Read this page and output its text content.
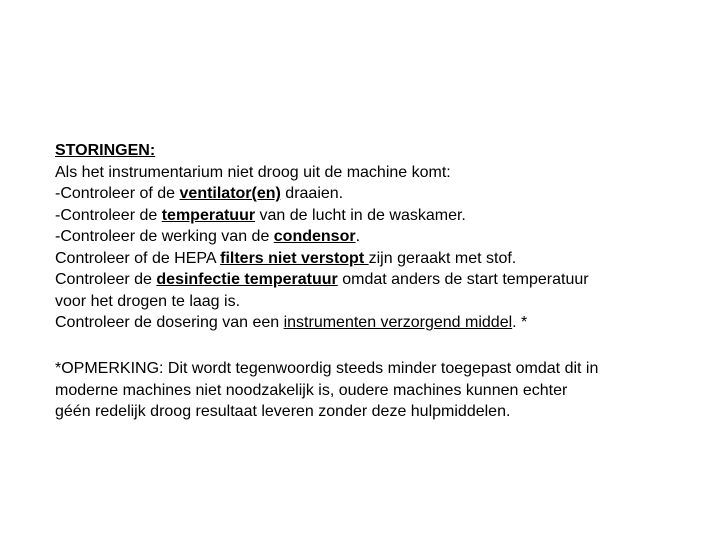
STORINGEN:
Als het instrumentarium niet droog uit de machine komt:
-Controleer of de ventilator(en) draaien.
-Controleer de temperatuur van de lucht in de waskamer.
-Controleer de werking van de condensor.
Controleer of de HEPA filters niet verstopt zijn geraakt met stof.
Controleer de desinfectie temperatuur omdat anders de start temperatuur
voor het drogen te laag is.
Controleer de dosering van een instrumenten verzorgend middel. *
*OPMERKING: Dit wordt tegenwoordig steeds minder toegepast omdat dit in
moderne machines niet noodzakelijk is, oudere machines kunnen echter
géén redelijk droog resultaat leveren zonder deze hulpmiddelen.
